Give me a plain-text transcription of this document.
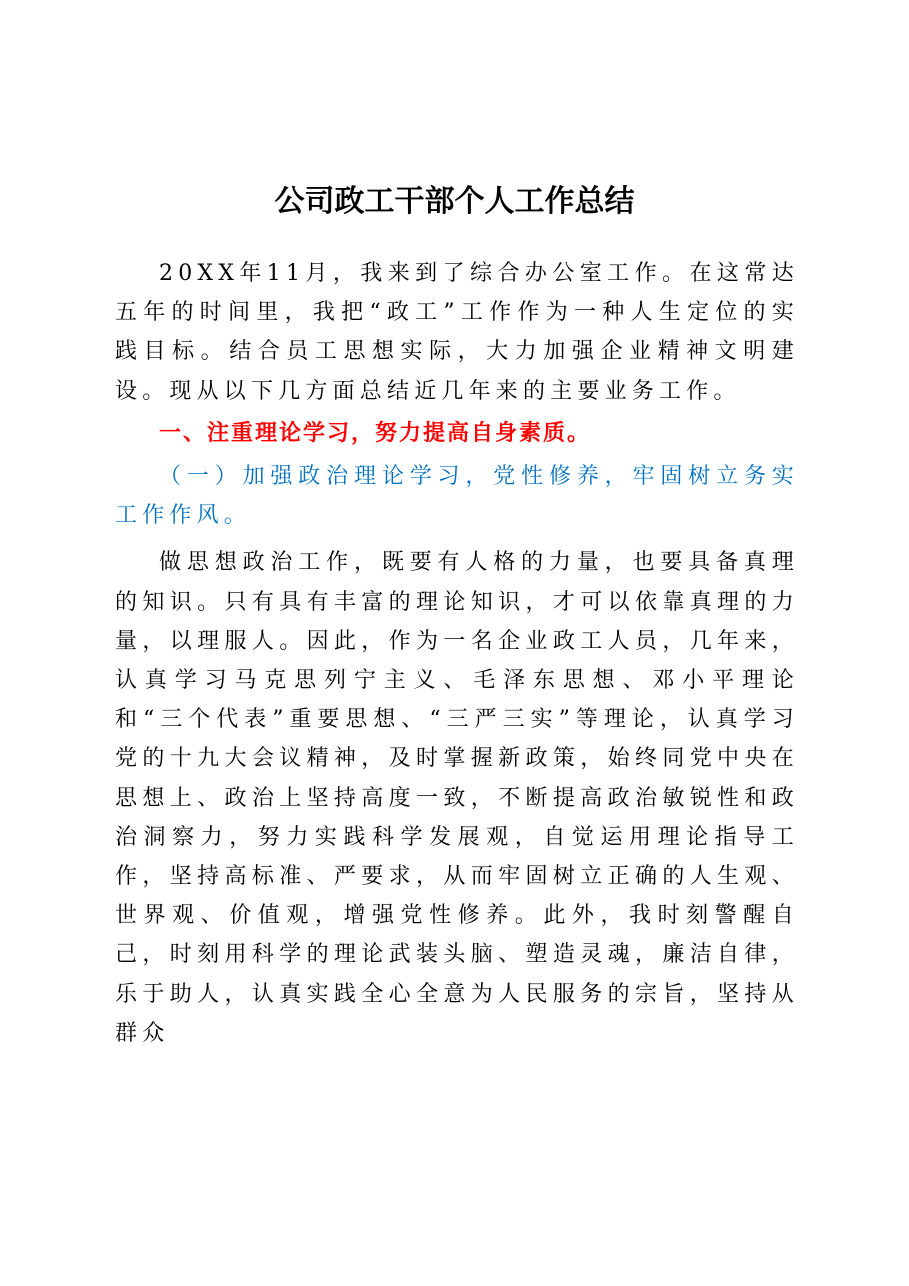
公司政工干部个人工作总结

20XX年11月，我来到了综合办公室工作。在这常达五年的时间里，我把“政工”工作作为一种人生定位的实践目标。结合员工思想实际，大力加强企业精神文明建设。现从以下几方面总结近几年来的主要业务工作。

一、注重理论学习，努力提高自身素质。

（一）加强政治理论学习，党性修养，牢固树立务实工作作风。

做思想政治工作，既要有人格的力量，也要具备真理的知识。只有具有丰富的理论知识，才可以依靠真理的力量，以理服人。因此，作为一名企业政工人员，几年来，认真学习马克思列宁主义、毛泽东思想、邓小平理论和“三个代表”重要思想、“三严三实”等理论，认真学习党的十九大会议精神，及时掌握新政策，始终同党中央在思想上、政治上坚持高度一致，不断提高政治敏锐性和政治洞察力，努力实践科学发展观，自觉运用理论指导工作，坚持高标准、严要求，从而牢固树立正确的人生观、世界观、价值观，增强党性修养。此外，我时刻警醒自己，时刻用科学的理论武装头脑、塑造灵魂，廉洁自律，乐于助人，认真实践全心全意为人民服务的宗旨，坚持从群众
